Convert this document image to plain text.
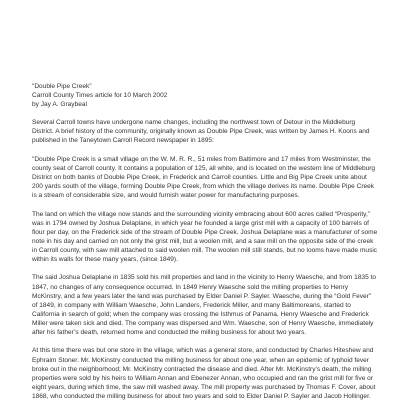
"Double Pipe Creek"
Carroll County Times article for 10 March 2002
by Jay A. Graybeal

Several Carroll towns have undergone name changes, including the northwest town of Detour in the Middleburg District. A brief history of the community, originally known as Double Pipe Creek, was written by James H. Koons and published in the Taneytown Carroll Record newspaper in 1895:

"Double Pipe Creek is a small village on the W. M. R. R., 51 miles from Baltimore and 17 miles from Westminster, the county seat of Carroll county. It contains a population of 125, all white, and is located on the western line of Middleburg District on both banks of Double Pipe Creek, in Frederick and Carroll counties. Little and Big Pipe Creek unite about 200 yards south of the village, forming Double Pipe Creek, from which the village derives its name. Double Pipe Creek is a stream of considerable size, and would furnish water power for manufacturing purposes.

The land on which the village now stands and the surrounding vicinity embracing about 600 acres called “Prosperity,” was in 1794 owned by Joshua Delaplane, in which year he founded a large grist mill with a capacity of 100 barrels of flour per day, on the Frederick side of the stream of Double Pipe Creek. Joshua Delaplane was a manufacturer of some note in his day and carried on not only the grist mill, but a woolen mill, and a saw mill on the opposite side of the creek in Carroll county, with saw mill attached to said woolen mill. The woolen mill still stands, but no looms have made music within its walls for these many years, (since 1849).

The said Joshua Delaplane in 1835 sold his mill properties and land in the vicinity to Henry Waesche, and from 1835 to 1847, no changes of any consequence occurred. In 1849 Henry Waesche sold the milling properties to Henry McKinstry, and a few years later the land was purchased by Elder Daniel P. Sayler. Waesche, during the “Gold Fever” of 1849, in company with William Waesche, John Landers, Frederick Miller, and many Baltimoreans, started to California in search of gold; when the company was crossing the Isthmus of Panama, Henry Waesche and Frederick Miller were taken sick and died. The company was dispersed and Wm. Waesche, son of Henry Waesche, immediately after his father’s death, returned home and conducted the milling business for about two years.

At this time there was but one store in the village, which was a general store, and conducted by Charles Hiteshew and Ephraim Stoner. Mr. McKinstry conducted the milling business for about one year, when an epidemic of typhoid fever broke out in the neighborhood; Mr. McKinstry contracted the disease and died. After Mr. McKinstry’s death, the milling properties were sold by his heirs to William Annan and Ebenezer Annan, who occupied and ran the grist mill for five or eight years, during which time, the saw mill washed away. The mill property was purchased by Thomas F. Cover, about 1868, who conducted the milling business for about two years and sold to Elder Daniel P. Sayler and Jacob Hollinger.
